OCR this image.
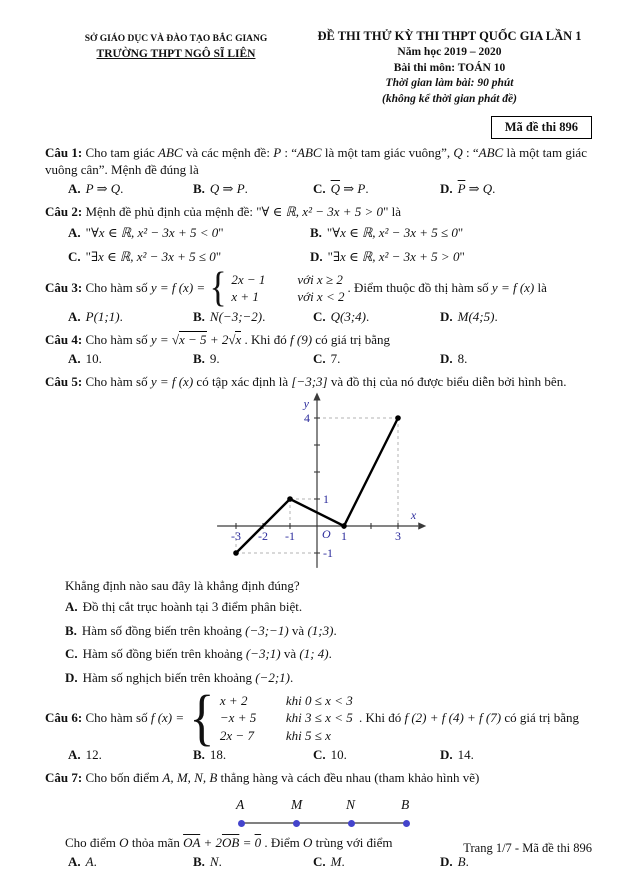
SỞ GIÁO DỤC VÀ ĐÀO TẠO BẮC GIANG
TRƯỜNG THPT NGÔ SĨ LIÊN
ĐỀ THI THỬ KỲ THI THPT QUỐC GIA LẦN 1
Năm học 2019 – 2020
Bài thi môn: TOÁN 10
Thời gian làm bài: 90 phút
(không kể thời gian phát đề)
Mã đề thi 896

Câu 1: Cho tam giác ABC và các mệnh đề: P : “ABC là một tam giác vuông”, Q : “ABC là một tam giác vuông cân”. Mệnh đề đúng là

A. P ⇒ Q.	B. Q ⇒ P.	C. $\overline{Q}$ ⇒ P.	D. $\overline{P}$ ⇒ Q.

Câu 2: Mệnh đề phủ định của mệnh đề: "∀ ∈ ℝ, x² − 3x + 5 > 0" là

A. "∀x ∈ ℝ, x² − 3x + 5 < 0"	B. "∀x ∈ ℝ, x² − 3x + 5 ≤ 0"
C. "∃x ∈ ℝ, x² − 3x + 5 ≤ 0"	D. "∃x ∈ ℝ, x² − 3x + 5 > 0"

Câu 3: Cho hàm số y = f (x) = { 2x − 1	với x ≥ 2
x + 1	với x < 2
. Điểm thuộc đồ thị hàm số y = f (x) là

A. P(1;1).	B. N(−3;−2).	C. Q(3;4).	D. M(4;5).

Câu 4: Cho hàm số y = √x − 5 + 2√x . Khi đó f (9) có giá trị bằng

A. 10.	B. 9.	C. 7.	D. 8.

Câu 5: Cho hàm số y = f (x) có tập xác định là [−3;3] và đồ thị của nó được biểu diễn bởi hình bên.

-3 -2 -1	1	3
4
1
-1
O
x
y
Khẳng định nào sau đây là khẳng định đúng?
A. Đồ thị cắt trục hoành tại 3 điểm phân biệt.
B. Hàm số đồng biến trên khoảng (−3;−1) và (1;3).
C. Hàm số đồng biến trên khoảng (−3;1) và (1; 4).
D. Hàm số nghịch biến trên khoảng (−2;1).

Câu 6: Cho hàm số f (x) = { x + 2	khi 0 ≤ x < 3
−x + 5	khi 3 ≤ x < 5
2x − 7	khi 5 ≤ x
. Khi đó f (2) + f (4) + f (7) có giá trị bằng

A. 12.	B. 18.	C. 10.	D. 14.

Câu 7: Cho bốn điểm A, M, N, B thẳng hàng và cách đều nhau (tham khảo hình vẽ)

A	M	N	B

Cho điểm O thỏa mãn $\overline{OA} + 2\overline{OB} = 0$ . Điểm O trùng với điểm

A. A.	B. N.	C. M.	D. B.
Trang 1/7 - Mã đề thi 896
